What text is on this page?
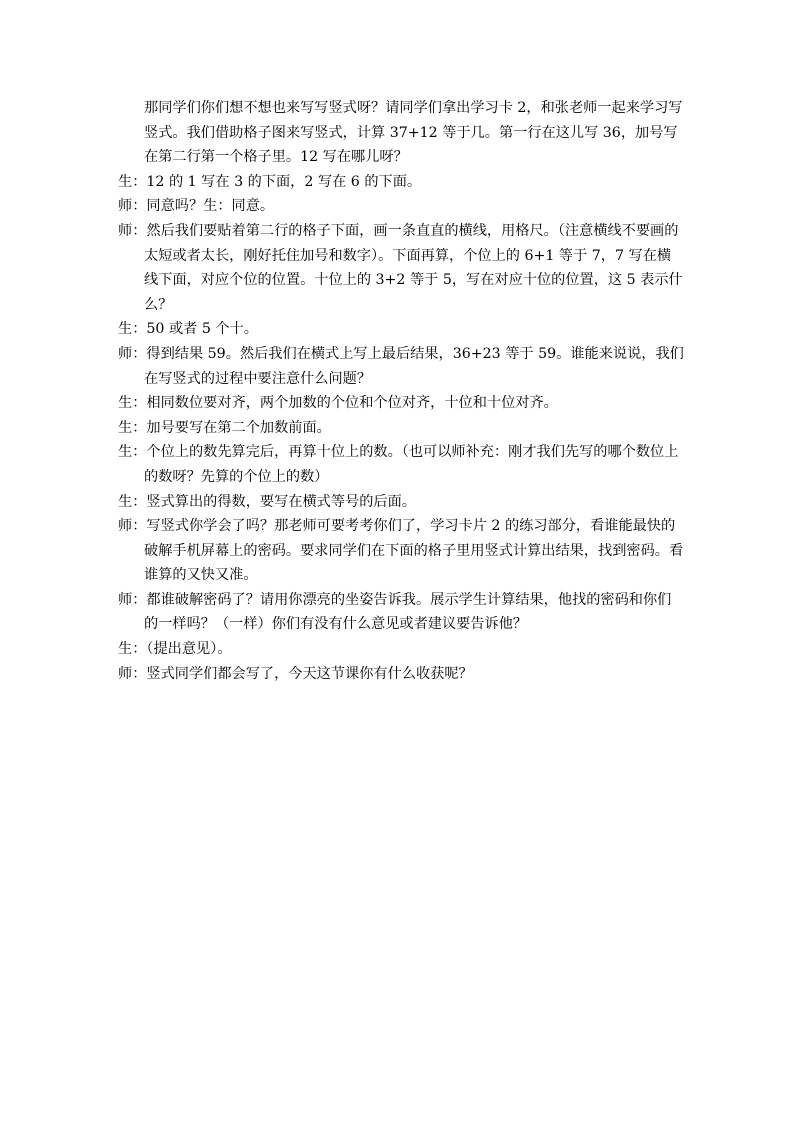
那同学们你们想不想也来写写竖式呀？请同学们拿出学习卡 2，和张老师一起来学习写竖式。我们借助格子图来写竖式，计算 37+12 等于几。第一行在这儿写 36，加号写在第二行第一个格子里。12 写在哪儿呀？

生：12 的 1 写在 3 的下面，2 写在 6 的下面。

师：同意吗？生：同意。

师：然后我们要贴着第二行的格子下面，画一条直直的横线，用格尺。（注意横线不要画的太短或者太长，刚好托住加号和数字）。下面再算，个位上的 6+1 等于 7，7 写在横线下面，对应个位的位置。十位上的 3+2 等于 5，写在对应十位的位置，这 5 表示什么？

生：50 或者 5 个十。

师：得到结果 59。然后我们在横式上写上最后结果，36+23 等于 59。谁能来说说，我们在写竖式的过程中要注意什么问题？

生：相同数位要对齐，两个加数的个位和个位对齐，十位和十位对齐。

生：加号要写在第二个加数前面。

生：个位上的数先算完后，再算十位上的数。（也可以师补充：刚才我们先写的哪个数位上的数呀？先算的个位上的数）

生：竖式算出的得数，要写在横式等号的后面。

师：写竖式你学会了吗？那老师可要考考你们了，学习卡片 2 的练习部分，看谁能最快的破解手机屏幕上的密码。要求同学们在下面的格子里用竖式计算出结果，找到密码。看谁算的又快又准。

师：都谁破解密码了？请用你漂亮的坐姿告诉我。展示学生计算结果，他找的密码和你们的一样吗？（一样）你们有没有什么意见或者建议要告诉他？

生：（提出意见）。

师：竖式同学们都会写了，今天这节课你有什么收获呢？
